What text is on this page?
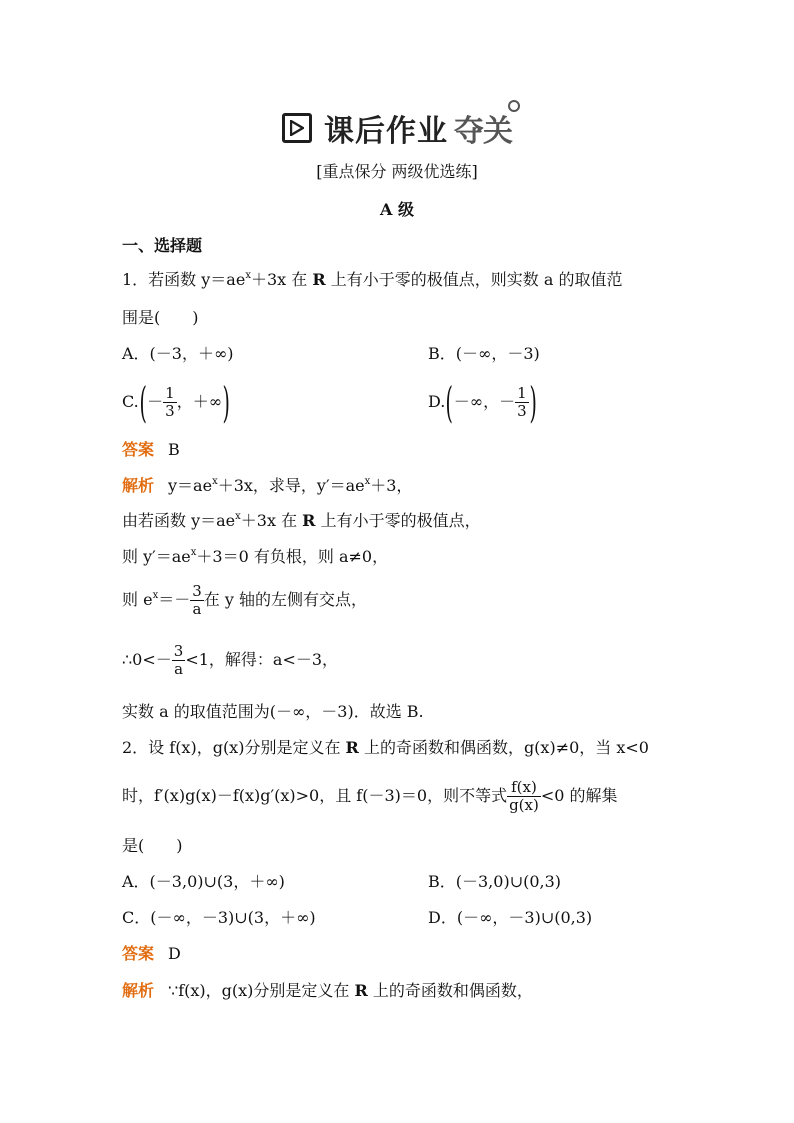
课后作业 夺关
[重点保分 两级优选练]
A 级
一、选择题
1．若函数 $y=ae^x+3x$ 在 R 上有小于零的极值点，则实数 a 的取值范
围是(　　)
A．(－3，＋∞)	B．(－∞，－3)
$C.(- \frac{1}{3}$ ，＋∞)	D.(－∞，－ $\frac{1}{3}$ )
答案 B
解析 $y=ae^x+3x$，求导，$y'=ae^x+3$，
由若函数 $y=ae^x+3x$ 在 R 上有小于零的极值点，
则 $y'=ae^x+3=0$ 有负根，则 a≠0，
则 $e^x=- \frac{3}{a}$ 在 y 轴的左侧有交点，
∴0<－ $\frac{3}{a} <1$，解得：a<－3，
实数 a 的取值范围为(－∞，－3)．故选 B.
2．设 f(x)，g(x)分别是定义在 R 上的奇函数和偶函数，g(x)≠0，当 x<0
时，f′(x)g(x)－f(x)g′(x)>0，且 f(－3)＝0，则不等式 $\frac{f(x)}{g(x)} <0$ 的解集
是(　　)
A．(－3,0)∪(3，＋∞)	B．(－3,0)∪(0,3)
C．(－∞，－3)∪(3，＋∞)	D．(－∞，－3)∪(0,3)
答案 D
解析 ∵f(x)，g(x)分别是定义在 R 上的奇函数和偶函数，
